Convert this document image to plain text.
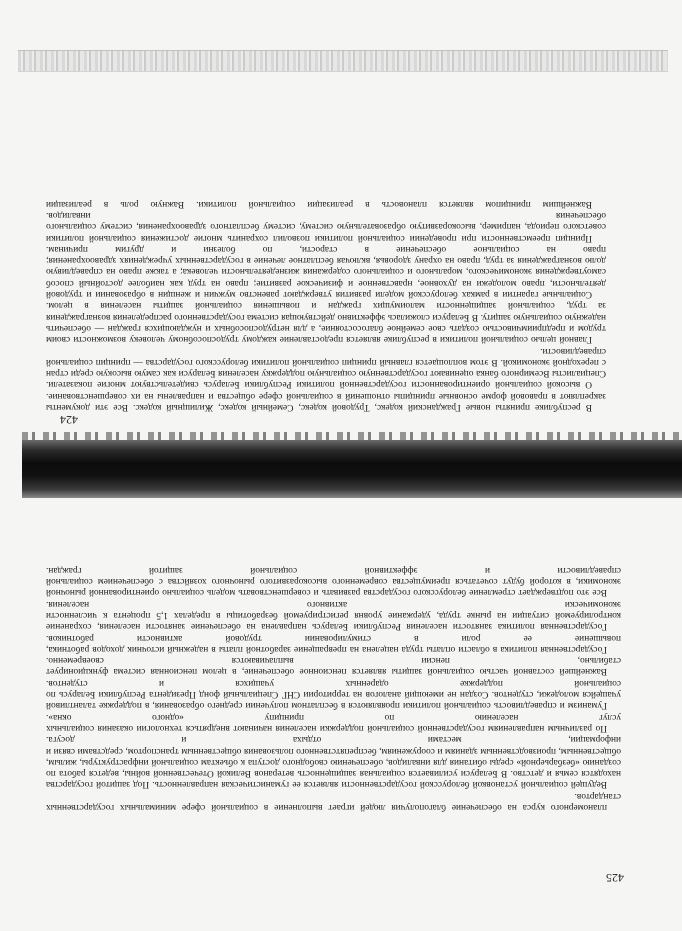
В республике приняты новые Гражданский кодекс, Трудовой кодекс, Семейный кодекс, Жилищный кодекс. Все эти документы закрепляют в правовой форме основные принципы отношений в социальной сфере общества и направлены на их совершенствование.

О высокой социальной ориентированности государственной политики Республики Беларусь свидетельствуют многие показатели. Специалисты Всемирного банка оценивают государственную социальную поддержку населения Беларуси как самую высокую среди стран с переходной экономикой. В этом воплощается главный принцип социальной политики белорусского государства — принцип социальной справедливости.

Главной целью социальной политики в республике является предоставление каждому трудоспособному человеку возможности своим трудом и предприимчивостью создать свое семейное благосостояние, а для нетрудоспособных и нуждающихся граждан — обеспечить надежную социальную защиту. В Беларуси сложилась эффективно действующая система государственного распределения вознаграждения за труд, социальной защищенности малоимущих граждан и повышения социальной защиты населения в целом.

Социальные гарантии в рамках белорусской модели развития утверждают равенство мужчин и женщин в образовании и трудовой деятельности, право молодежи на духовное, нравственное и физическое развитие; право на труд как наиболее достойный способ самоутверждения экономического, морального и социального содержания жизнедеятельности человека; а также право на справедливую долю вознаграждения за труд, право на охрану здоровья, включая бесплатное лечение в государственных учреждениях здравоохранения; право на социальное обеспечение в старости, по болезни и другим причинам.

Принцип преемственности при проведении социальной политики позволил сохранить многие достижения социальной политики советского периода, например, высокоразвитую образовательную систему, систему бесплатного здравоохранения, систему социального обеспечения инвалидов.

Важнейшим принципом является плановость в реализации социальной политики. Важную роль в реализации

424

планомерного курса на обеспечение благополучия людей играет выполнение в социальной сфере минимальных государственных стандартов.

Ведущей социальной установкой белорусской государственности является ее гуманистическая направленность. Под защитой государства находятся семья и детство. В Беларуси усиливается социальная защищенность ветеранов Великой Отечественной войны, ведется работа по созданию «безбарьерной» среды обитания для инвалидов, обеспечению свободного доступа к объектам социальной инфраструктуры, жилым, общественным, производственным зданиям и сооружениям, беспрепятственного пользования общественным транспортом, средствами связи и информации, местами отдыха и досуга.

По различным направлениям государственной социальной поддержки населения начинают внедряться технологии оказания социальных услуг населению по принципу «одного окна».

Гуманизм и справедливость социальной политики проявляются в бесплатном получении среднего образования, в поддержке талантливой учащейся молодежи, студентов. Создан не имеющий аналогов на территории СНГ Специальный фонд Президента Республики Беларусь по социальной поддержке одаренных учащихся и студентов.

Важнейшей составной частью социальной защиты является пенсионное обеспечение, в целом пенсионная система функционирует стабильно, пенсии выплачиваются своевременно.

Государственная политика в области оплаты труда нацелена на превращение заработной платы в надежный источник доходов работника, повышение ее роли в стимулировании трудовой активности работников.

Государственная политика занятости населения Республики Беларусь направлена на обеспечение занятости населения, сохранение контролируемой ситуации на рынке труда, удержание уровня регистрируемой безработицы в пределах 1,5 процента к численности экономически активного населения.

Все это подтверждает стремление белорусского государства развивать и совершенствовать модель социально ориентированной рыночной экономики, в которой будут сочетаться преимущества современного высокоразвитого рыночного хозяйства с обеспечением социальной справедливости и эффективной социальной защитой граждан.

425
